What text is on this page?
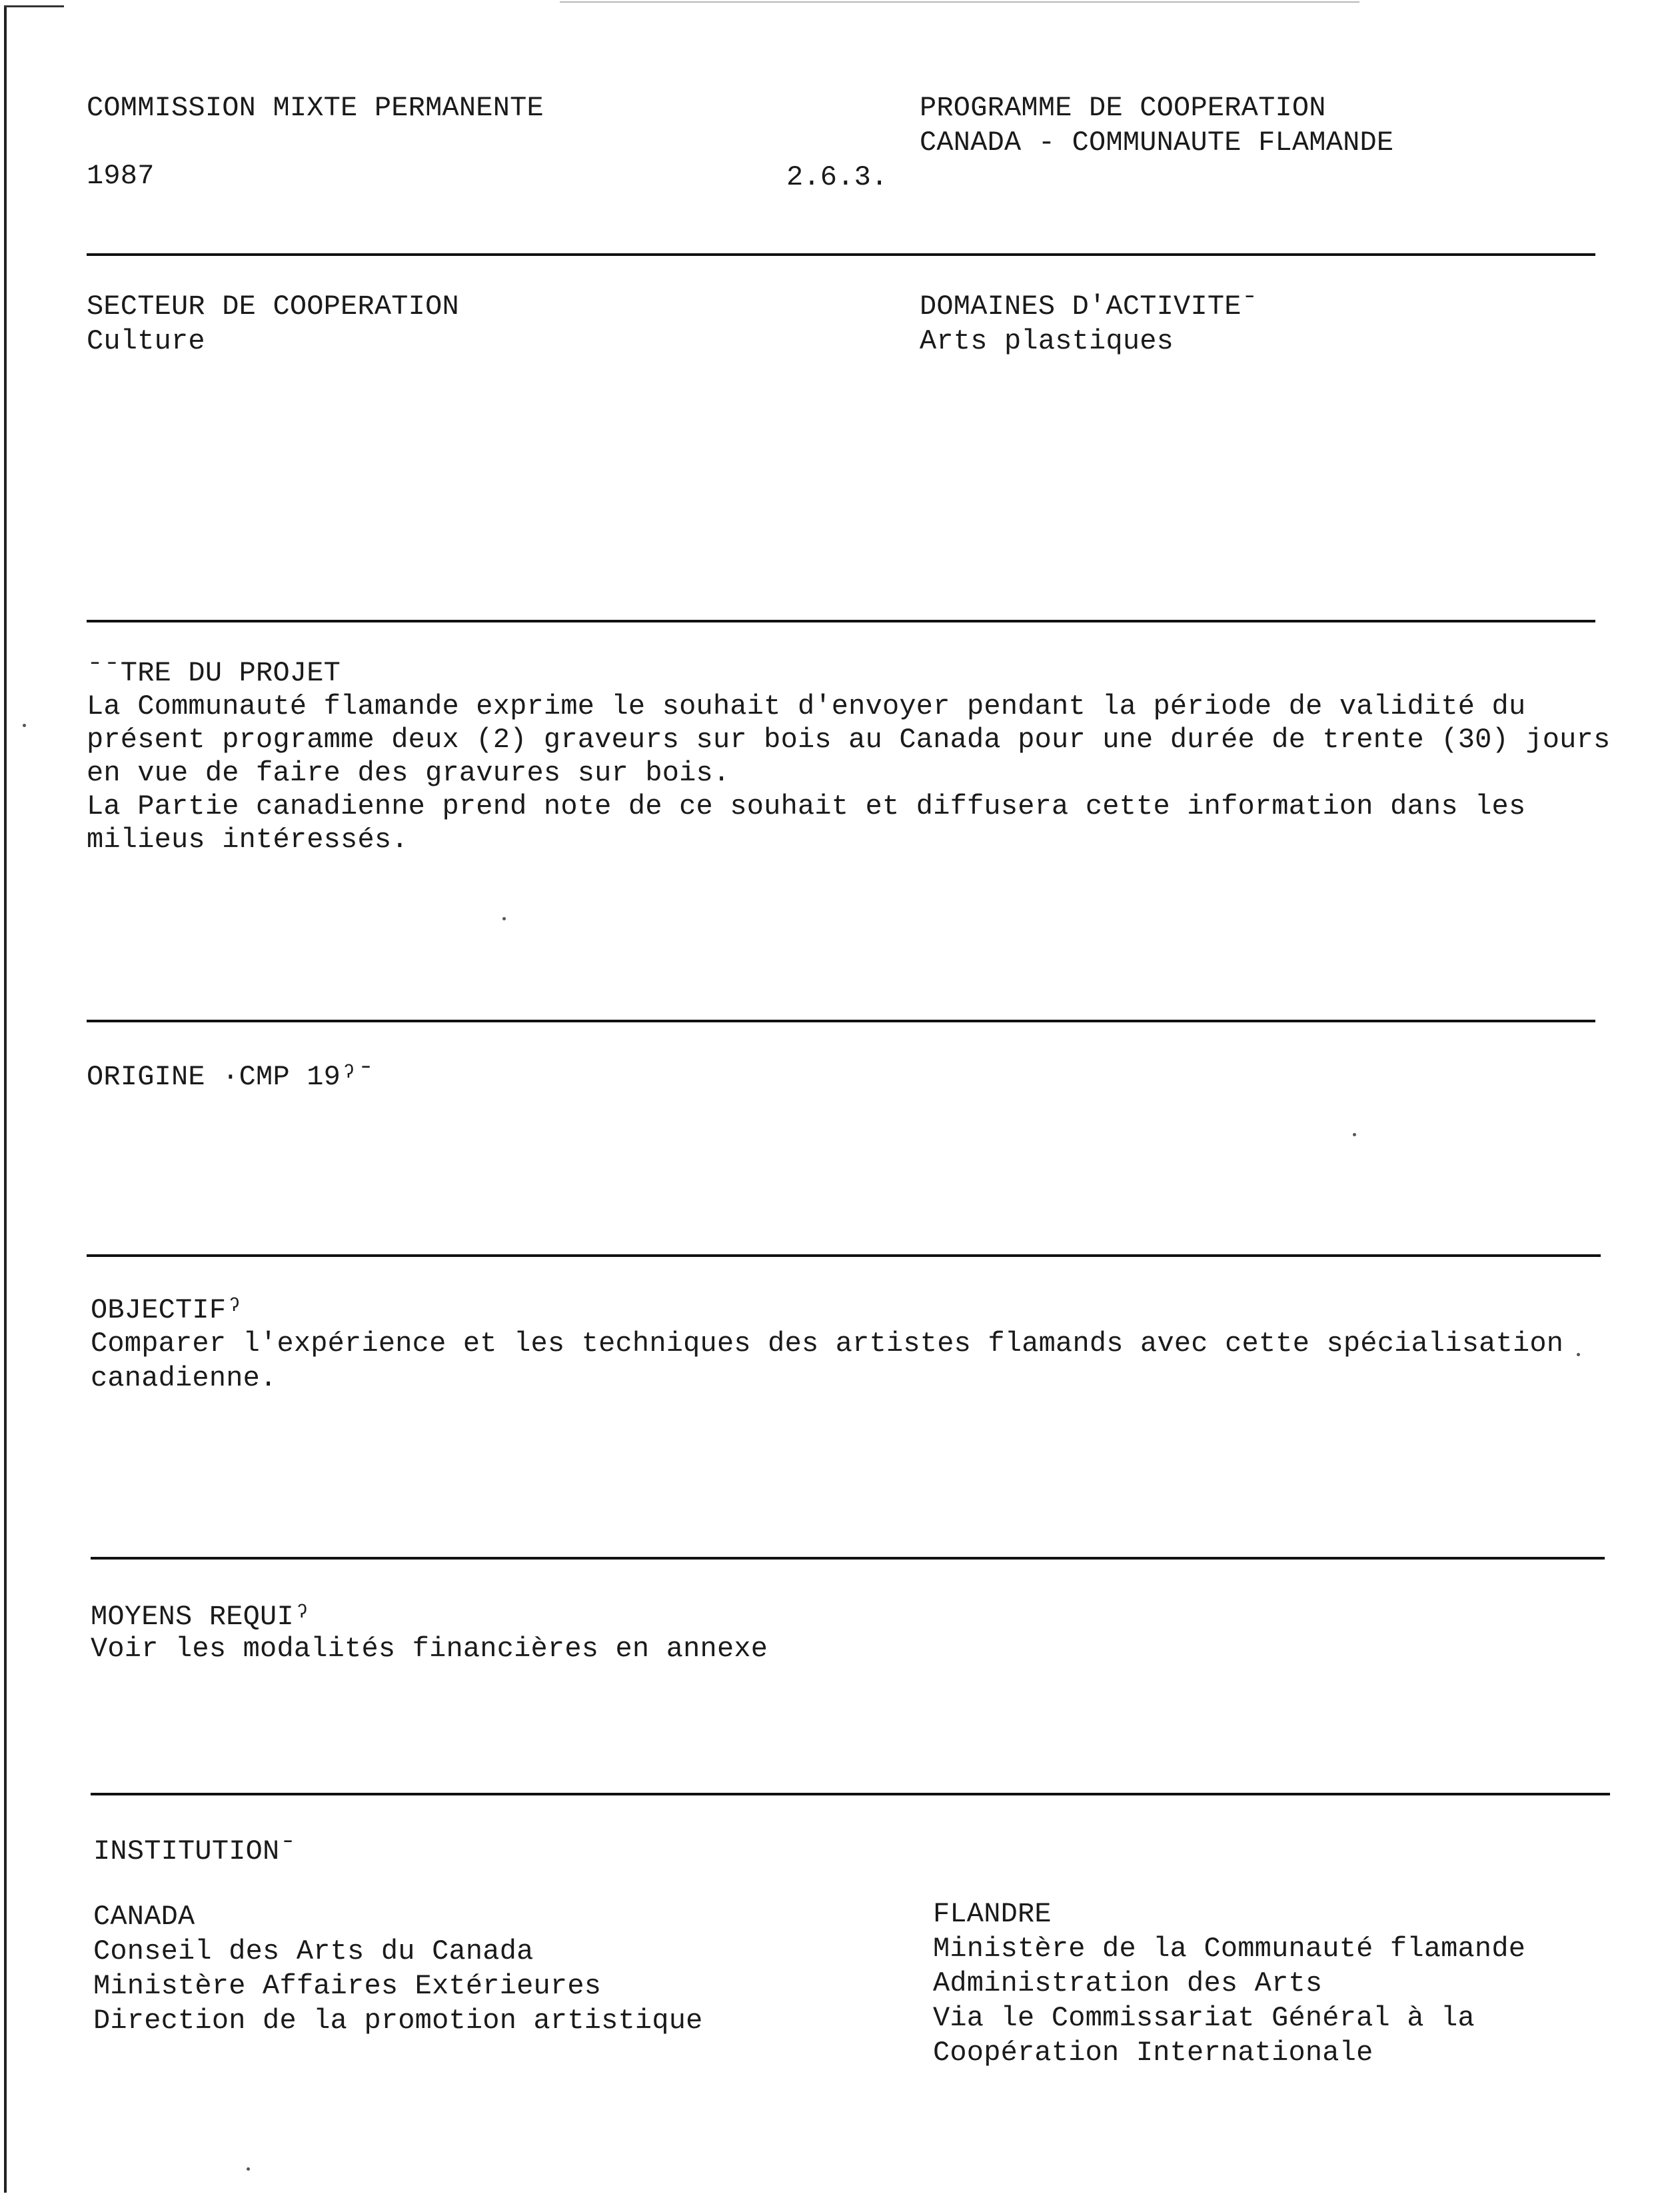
COMMISSION MIXTE PERMANENTE
1987	2.6.3.
PROGRAMME DE COOPERATION
CANADA - COMMUNAUTE FLAMANDE
SECTEUR DE COOPERATION
Culture
DOMAINES D'ACTIVITEˉ
Arts plastiques
ˉˉTRE DU PROJET
La Communauté flamande exprime le souhait d'envoyer pendant la période de validité du
présent programme deux (2) graveurs sur bois au Canada pour une durée de trente (30) jours
en vue de faire des gravures sur bois.
La Partie canadienne prend note de ce souhait et diffusera cette information dans les
milieus intéressés.
ORIGINE ·CMP 19ˀˉ
OBJECTIFˀ
Comparer l'expérience et les techniques des artistes flamands avec cette spécialisation
canadienne.
MOYENS REQUIˀ
Voir les modalités financières en annexe
INSTITUTIONˉ
CANADA
Conseil des Arts du Canada
Ministère Affaires Extérieures
Direction de la promotion artistique
FLANDRE
Ministère de la Communauté flamande
Administration des Arts
Via le Commissariat Général à la
Coopération Internationale
